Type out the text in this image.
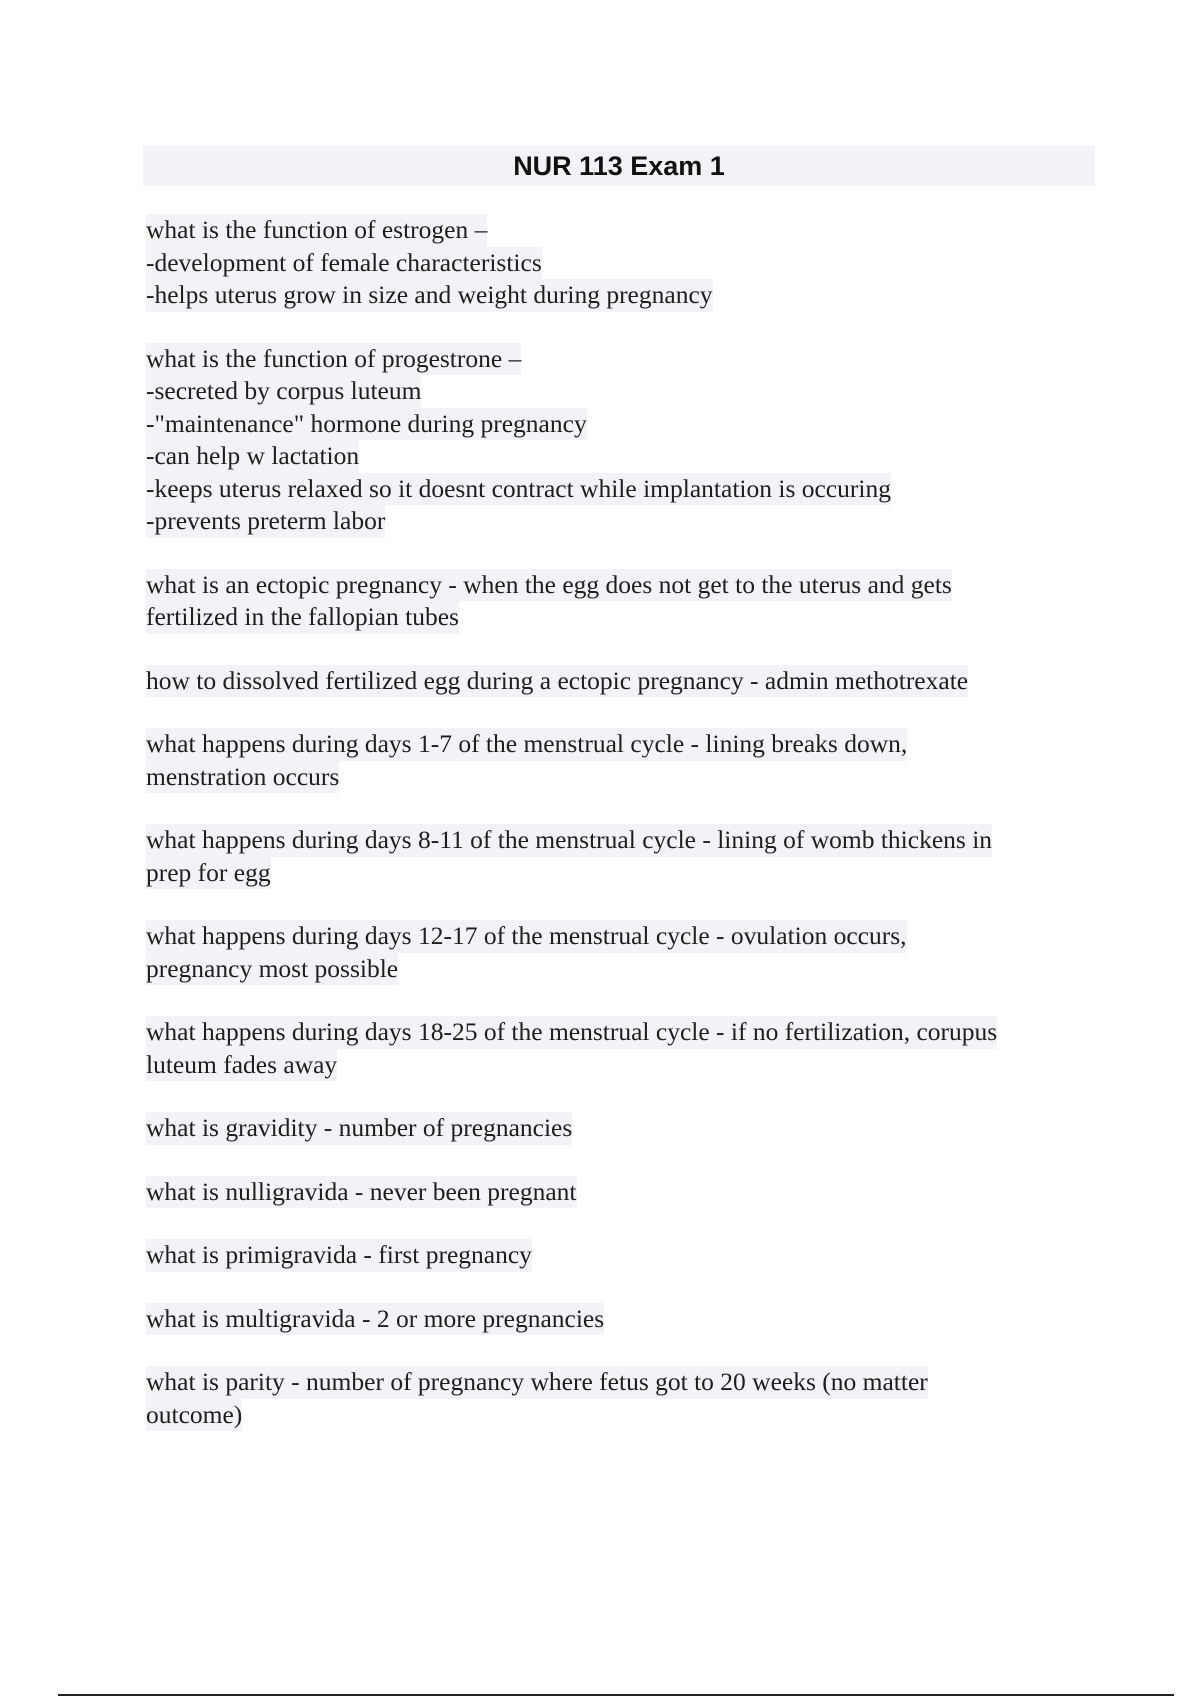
NUR 113 Exam 1
what is the function of estrogen –
-development of female characteristics
-helps uterus grow in size and weight during pregnancy
what is the function of progestrone –
-secreted by corpus luteum
-"maintenance" hormone during pregnancy
-can help w lactation
-keeps uterus relaxed so it doesnt contract while implantation is occuring
-prevents preterm labor
what is an ectopic pregnancy - when the egg does not get to the uterus and gets
fertilized in the fallopian tubes
how to dissolved fertilized egg during a ectopic pregnancy - admin methotrexate
what happens during days 1-7 of the menstrual cycle - lining breaks down,
menstration occurs
what happens during days 8-11 of the menstrual cycle - lining of womb thickens in
prep for egg
what happens during days 12-17 of the menstrual cycle - ovulation occurs,
pregnancy most possible
what happens during days 18-25 of the menstrual cycle - if no fertilization, corupus
luteum fades away
what is gravidity - number of pregnancies
what is nulligravida - never been pregnant
what is primigravida - first pregnancy
what is multigravida - 2 or more pregnancies
what is parity - number of pregnancy where fetus got to 20 weeks (no matter
outcome)
